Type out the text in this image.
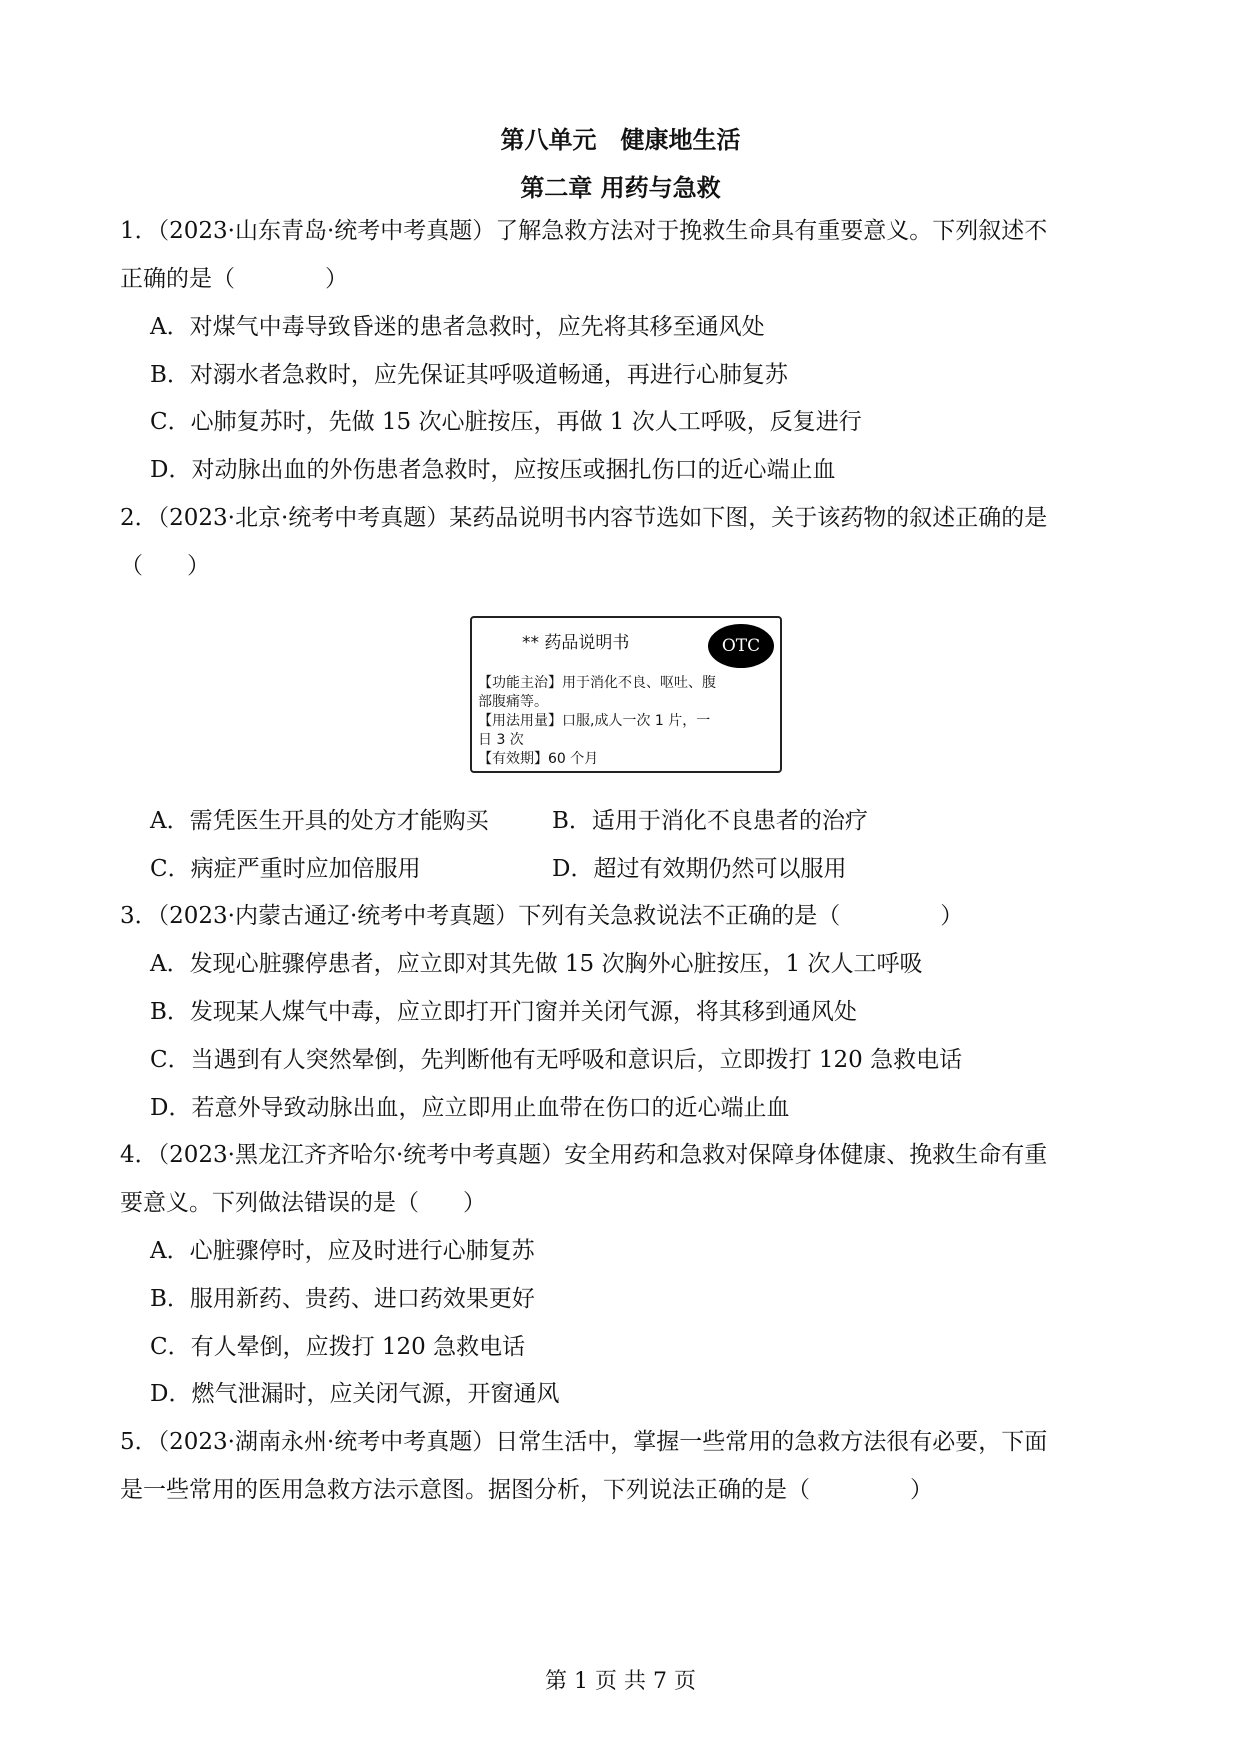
第八单元　健康地生活
第二章 用药与急救
1．（2023·山东青岛·统考中考真题）了解急救方法对于挽救生命具有重要意义。下列叙述不
正确的是（	）
A．对煤气中毒导致昏迷的患者急救时，应先将其移至通风处
B．对溺水者急救时，应先保证其呼吸道畅通，再进行心肺复苏
C．心肺复苏时，先做 15 次心脏按压，再做 1 次人工呼吸，反复进行
D．对动脉出血的外伤患者急救时，应按压或捆扎伤口的近心端止血
2．（2023·北京·统考中考真题）某药品说明书内容节选如下图，关于该药物的叙述正确的是
（ ）
** 药品说明书	OTC
【功能主治】用于消化不良、呕吐、腹
部腹痛等。
【用法用量】口服,成人一次 1 片，一
日 3 次
【有效期】60 个月
A．需凭医生开具的处方才能购买	B．适用于消化不良患者的治疗
C．病症严重时应加倍服用	D．超过有效期仍然可以服用
3．（2023·内蒙古通辽·统考中考真题）下列有关急救说法不正确的是（	）
A．发现心脏骤停患者，应立即对其先做 15 次胸外心脏按压，1 次人工呼吸
B．发现某人煤气中毒，应立即打开门窗并关闭气源，将其移到通风处
C．当遇到有人突然晕倒，先判断他有无呼吸和意识后，立即拨打 120 急救电话
D．若意外导致动脉出血，应立即用止血带在伤口的近心端止血
4．（2023·黑龙江齐齐哈尔·统考中考真题）安全用药和急救对保障身体健康、挽救生命有重
要意义。下列做法错误的是（ ）
A．心脏骤停时，应及时进行心肺复苏
B．服用新药、贵药、进口药效果更好
C．有人晕倒，应拨打 120 急救电话
D．燃气泄漏时，应关闭气源，开窗通风
5．（2023·湖南永州·统考中考真题）日常生活中，掌握一些常用的急救方法很有必要，下面
是一些常用的医用急救方法示意图。据图分析，下列说法正确的是（	）
第 1 页 共 7 页
